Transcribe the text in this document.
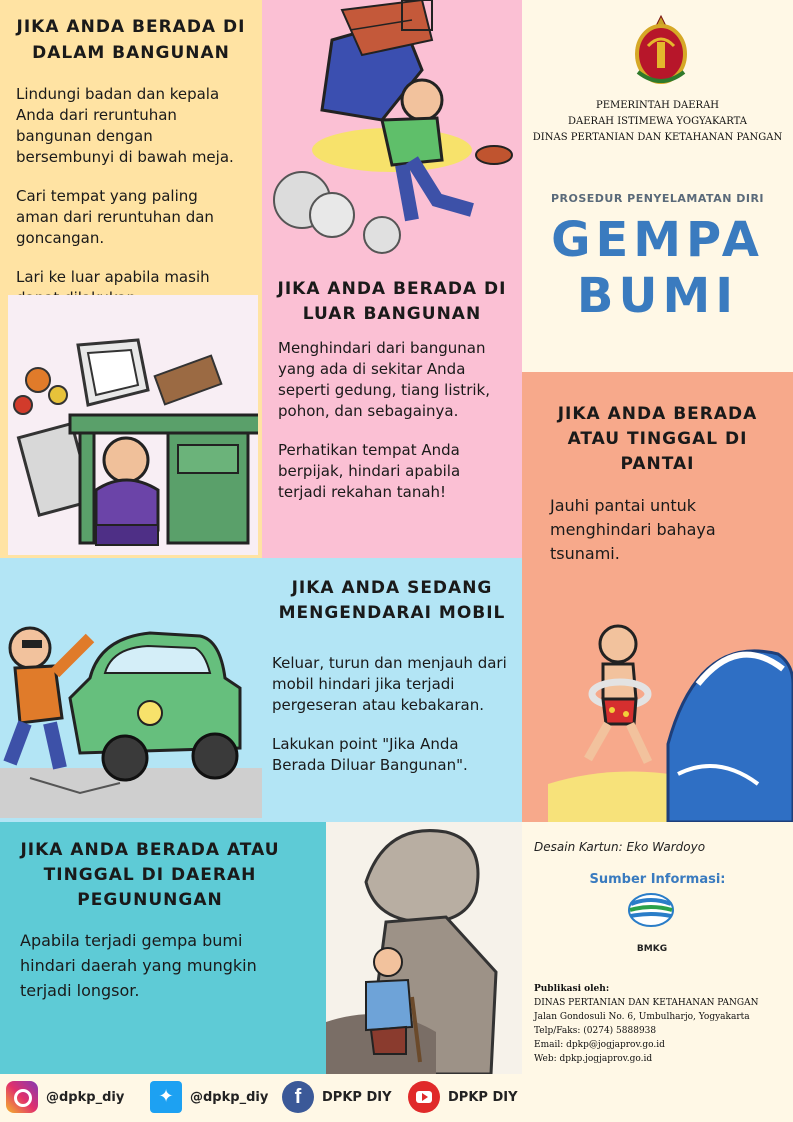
JIKA ANDA BERADA DI
DALAM BANGUNAN

Lindungi badan dan kepala Anda dari reruntuhan bangunan dengan bersembunyi di bawah meja.

Cari tempat yang paling aman dari reruntuhan dan goncangan.

Lari ke luar apabila masih

JIKA ANDA BERADA DI
LUAR BANGUNAN

Menghindari dari bangunan yang ada di sekitar Anda seperti gedung, tiang listrik, pohon, dan sebagainya.

Perhatikan tempat Anda berpijak, hindari apabila terjadi rekahan tanah!

PEMERINTAH DAERAH
DAERAH ISTIMEWA YOGYAKARTA
DINAS PERTANIAN DAN KETAHANAN PANGAN
PROSEDUR PENYELAMATAN DIRI
GEMPA
BUMI
JIKA ANDA BERADA
ATAU TINGGAL DI
PANTAI

Jauhi pantai untuk menghindari bahaya tsunami.

JIKA ANDA SEDANG
MENGENDARAI MOBIL

Keluar, turun dan menjauh dari mobil hindari jika terjadi pergeseran atau kebakaran.

Lakukan point "Jika Anda Berada Diluar Bangunan".

JIKA ANDA BERADA ATAU
TINGGAL DI DAERAH
PEGUNUNGAN

Apabila terjadi gempa bumi hindari daerah yang mungkin terjadi longsor.

Desain Kartun: Eko Wardoyo
Sumber Informasi:
BMKG
Publikasi oleh:
DINAS PERTANIAN DAN KETAHANAN PANGAN
Jalan Gondosuli No. 6, Umbulharjo, Yogyakarta
Telp/Faks: (0274) 5888938
Email: dpkp@jogjaprov.go.id
Web: dpkp.jogjaprov.go.id
@dpkp_diy	✦	@dpkp_diy	f	DPKP DIY	DPKP DIY
